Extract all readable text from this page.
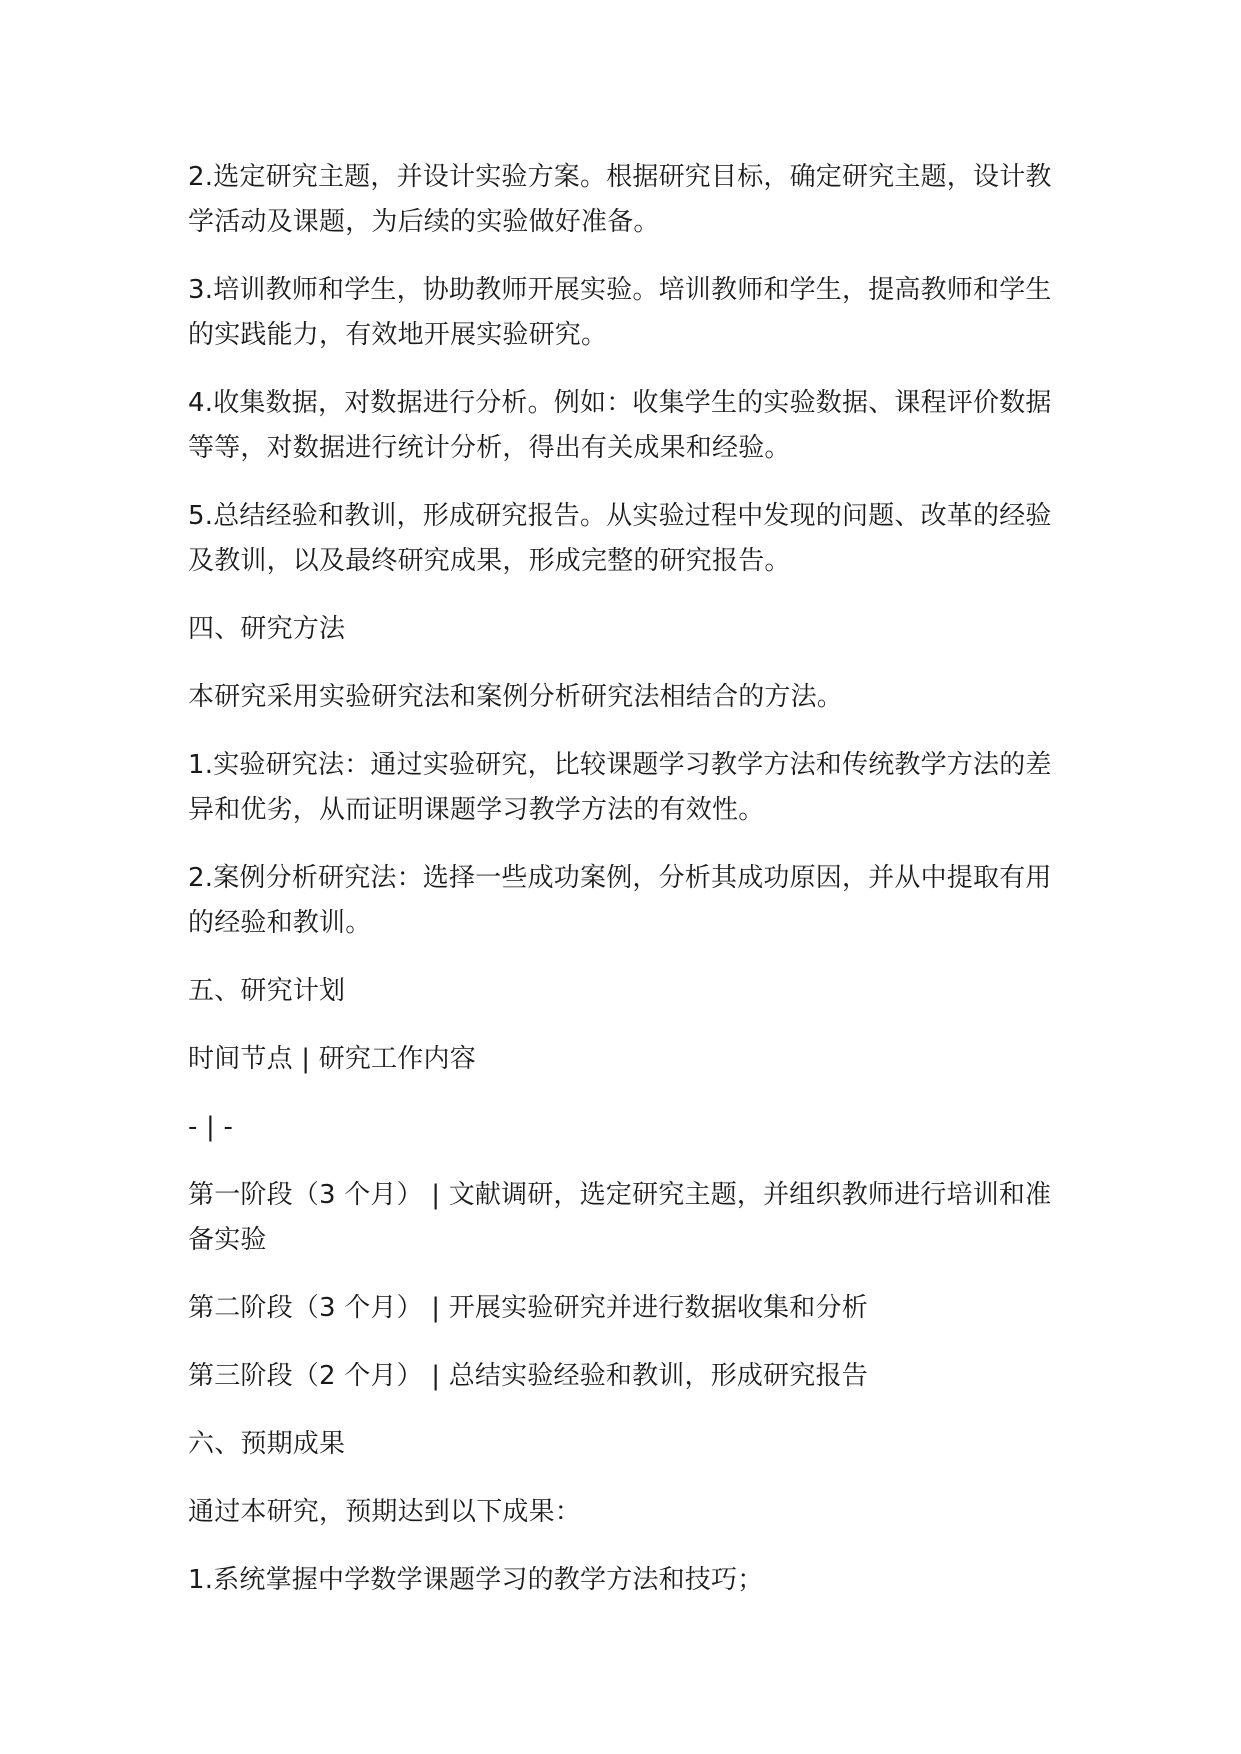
2.选定研究主题，并设计实验方案。根据研究目标，确定研究主题，设计教学活动及课题，为后续的实验做好准备。

3.培训教师和学生，协助教师开展实验。培训教师和学生，提高教师和学生的实践能力，有效地开展实验研究。

4.收集数据，对数据进行分析。例如：收集学生的实验数据、课程评价数据等等，对数据进行统计分析，得出有关成果和经验。

5.总结经验和教训，形成研究报告。从实验过程中发现的问题、改革的经验及教训，以及最终研究成果，形成完整的研究报告。

四、研究方法

本研究采用实验研究法和案例分析研究法相结合的方法。

1.实验研究法：通过实验研究，比较课题学习教学方法和传统教学方法的差异和优劣，从而证明课题学习教学方法的有效性。

2.案例分析研究法：选择一些成功案例，分析其成功原因，并从中提取有用的经验和教训。

五、研究计划

时间节点 | 研究工作内容

- | -

第一阶段（3 个月） | 文献调研，选定研究主题，并组织教师进行培训和准备实验

第二阶段（3 个月） | 开展实验研究并进行数据收集和分析

第三阶段（2 个月） | 总结实验经验和教训，形成研究报告

六、预期成果

通过本研究，预期达到以下成果：

1.系统掌握中学数学课题学习的教学方法和技巧；
